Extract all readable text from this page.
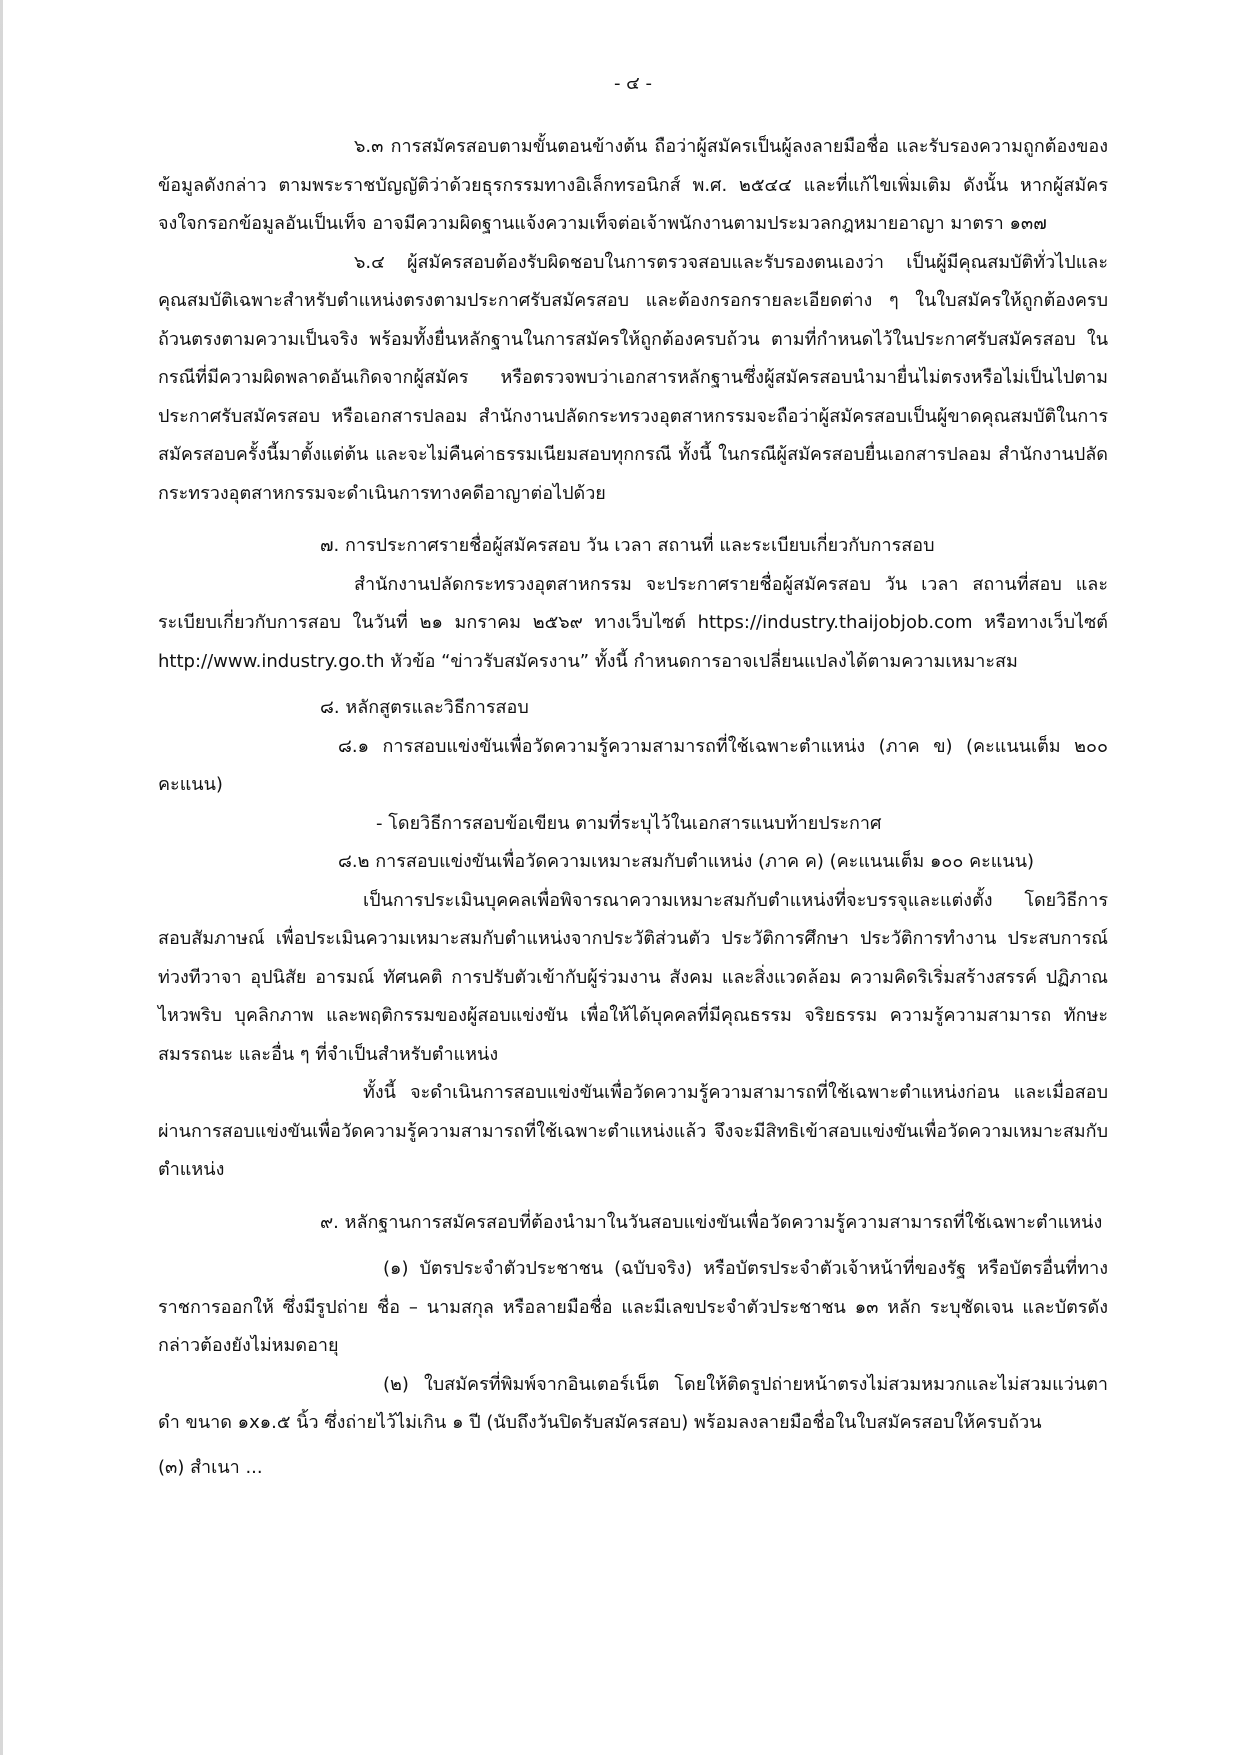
- ๔ -

๖.๓ การสมัครสอบตามขั้นตอนข้างต้น ถือว่าผู้สมัครเป็นผู้ลงลายมือชื่อ และรับรองความถูกต้องของข้อมูลดังกล่าว ตามพระราชบัญญัติว่าด้วยธุรกรรมทางอิเล็กทรอนิกส์ พ.ศ. ๒๕๔๔ และที่แก้ไขเพิ่มเติม ดังนั้น หากผู้สมัครจงใจกรอกข้อมูลอันเป็นเท็จ อาจมีความผิดฐานแจ้งความเท็จต่อเจ้าพนักงานตามประมวลกฎหมายอาญา มาตรา ๑๓๗

๖.๔ ผู้สมัครสอบต้องรับผิดชอบในการตรวจสอบและรับรองตนเองว่า เป็นผู้มีคุณสมบัติทั่วไปและคุณสมบัติเฉพาะสำหรับตำแหน่งตรงตามประกาศรับสมัครสอบ และต้องกรอกรายละเอียดต่าง ๆ ในใบสมัครให้ถูกต้องครบถ้วนตรงตามความเป็นจริง พร้อมทั้งยื่นหลักฐานในการสมัครให้ถูกต้องครบถ้วน ตามที่กำหนดไว้ในประกาศรับสมัครสอบ ในกรณีที่มีความผิดพลาดอันเกิดจากผู้สมัคร หรือตรวจพบว่าเอกสารหลักฐานซึ่งผู้สมัครสอบนำมายื่นไม่ตรงหรือไม่เป็นไปตามประกาศรับสมัครสอบ หรือเอกสารปลอม สำนักงานปลัดกระทรวงอุตสาหกรรมจะถือว่าผู้สมัครสอบเป็นผู้ขาดคุณสมบัติในการสมัครสอบครั้งนี้มาตั้งแต่ต้น และจะไม่คืนค่าธรรมเนียมสอบทุกกรณี ทั้งนี้ ในกรณีผู้สมัครสอบยื่นเอกสารปลอม สำนักงานปลัดกระทรวงอุตสาหกรรมจะดำเนินการทางคดีอาญาต่อไปด้วย

๗. การประกาศรายชื่อผู้สมัครสอบ วัน เวลา สถานที่ และระเบียบเกี่ยวกับการสอบ

สำนักงานปลัดกระทรวงอุตสาหกรรม จะประกาศรายชื่อผู้สมัครสอบ วัน เวลา สถานที่สอบ และระเบียบเกี่ยวกับการสอบ ในวันที่ ๒๑ มกราคม ๒๕๖๙ ทางเว็บไซต์ https://industry.thaijobjob.com หรือทางเว็บไซต์ http://www.industry.go.th หัวข้อ “ข่าวรับสมัครงาน” ทั้งนี้ กำหนดการอาจเปลี่ยนแปลงได้ตามความเหมาะสม

๘. หลักสูตรและวิธีการสอบ

๘.๑ การสอบแข่งขันเพื่อวัดความรู้ความสามารถที่ใช้เฉพาะตำแหน่ง (ภาค ข) (คะแนนเต็ม ๒๐๐ คะแนน)

- โดยวิธีการสอบข้อเขียน ตามที่ระบุไว้ในเอกสารแนบท้ายประกาศ

๘.๒ การสอบแข่งขันเพื่อวัดความเหมาะสมกับตำแหน่ง (ภาค ค) (คะแนนเต็ม ๑๐๐ คะแนน)

เป็นการประเมินบุคคลเพื่อพิจารณาความเหมาะสมกับตำแหน่งที่จะบรรจุและแต่งตั้ง โดยวิธีการสอบสัมภาษณ์ เพื่อประเมินความเหมาะสมกับตำแหน่งจากประวัติส่วนตัว ประวัติการศึกษา ประวัติการทำงาน ประสบการณ์ ท่วงทีวาจา อุปนิสัย อารมณ์ ทัศนคติ การปรับตัวเข้ากับผู้ร่วมงาน สังคม และสิ่งแวดล้อม ความคิดริเริ่มสร้างสรรค์ ปฏิภาณไหวพริบ บุคลิกภาพ และพฤติกรรมของผู้สอบแข่งขัน เพื่อให้ได้บุคคลที่มีคุณธรรม จริยธรรม ความรู้ความสามารถ ทักษะ สมรรถนะ และอื่น ๆ ที่จำเป็นสำหรับตำแหน่ง

ทั้งนี้ จะดำเนินการสอบแข่งขันเพื่อวัดความรู้ความสามารถที่ใช้เฉพาะตำแหน่งก่อน และเมื่อสอบผ่านการสอบแข่งขันเพื่อวัดความรู้ความสามารถที่ใช้เฉพาะตำแหน่งแล้ว จึงจะมีสิทธิเข้าสอบแข่งขันเพื่อวัดความเหมาะสมกับตำแหน่ง

๙. หลักฐานการสมัครสอบที่ต้องนำมาในวันสอบแข่งขันเพื่อวัดความรู้ความสามารถที่ใช้เฉพาะตำแหน่ง

(๑) บัตรประจำตัวประชาชน (ฉบับจริง) หรือบัตรประจำตัวเจ้าหน้าที่ของรัฐ หรือบัตรอื่นที่ทางราชการออกให้ ซึ่งมีรูปถ่าย ชื่อ – นามสกุล หรือลายมือชื่อ และมีเลขประจำตัวประชาชน ๑๓ หลัก ระบุชัดเจน และบัตรดังกล่าวต้องยังไม่หมดอายุ

(๒) ใบสมัครที่พิมพ์จากอินเตอร์เน็ต โดยให้ติดรูปถ่ายหน้าตรงไม่สวมหมวกและไม่สวมแว่นตาดำ ขนาด ๑x๑.๕ นิ้ว ซึ่งถ่ายไว้ไม่เกิน ๑ ปี (นับถึงวันปิดรับสมัครสอบ) พร้อมลงลายมือชื่อในใบสมัครสอบให้ครบถ้วน

(๓) สำเนา ...
